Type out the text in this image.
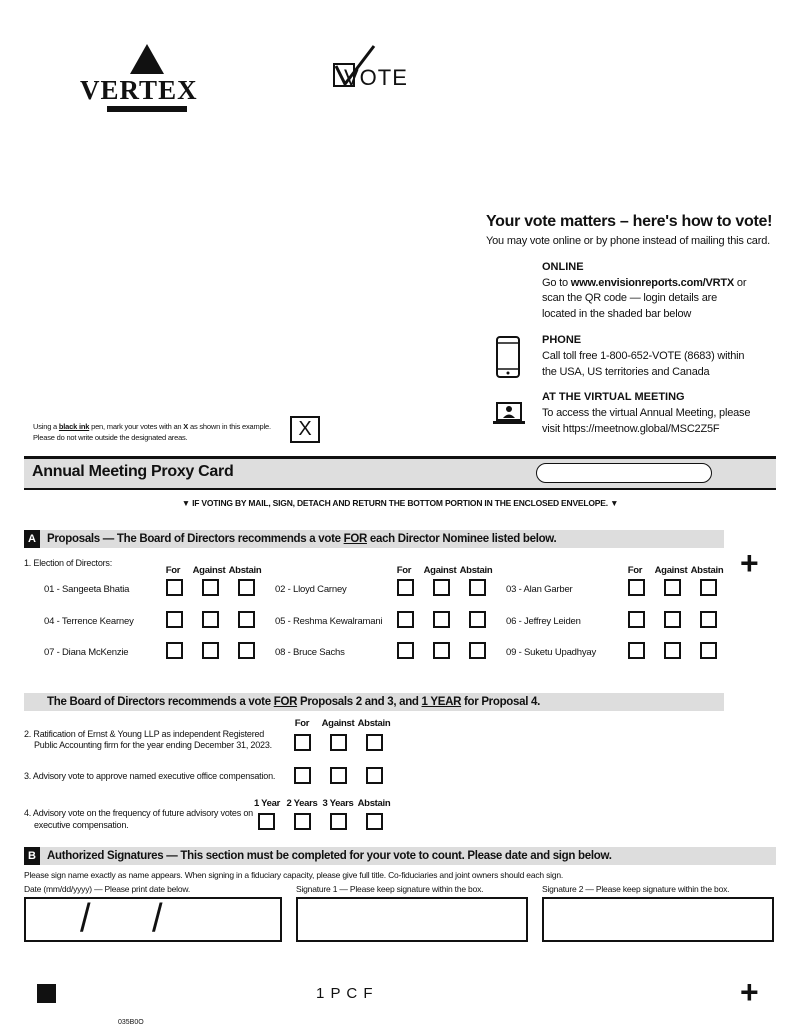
VERTEX	VOTE
Your vote matters – here's how to vote!
You may vote online or by phone instead of mailing this card.
ONLINE
Go to www.envisionreports.com/VRTX or
scan the QR code — login details are
located in the shaded bar below
PHONE
Call toll free 1-800-652-VOTE (8683) within
the USA, US territories and Canada
AT THE VIRTUAL MEETING
To access the virtual Annual Meeting, please
visit https://meetnow.global/MSC2Z5F
Using a black ink pen, mark your votes with an X as shown in this example.
Please do not write outside the designated areas.	X
Annual Meeting Proxy Card
▼ IF VOTING BY MAIL, SIGN, DETACH AND RETURN THE BOTTOM PORTION IN THE ENCLOSED ENVELOPE. ▼
A Proposals — The Board of Directors recommends a vote FOR each Director Nominee listed below.
+
1. Election of Directors:
For	Against Abstain	For	Against Abstain	For	Against Abstain
01 - Sangeeta Bhatia	02 - Lloyd Carney	03 - Alan Garber
04 - Terrence Kearney	05 - Reshma Kewalramani	06 - Jeffrey Leiden
07 - Diana McKenzie	08 - Bruce Sachs	09 - Suketu Upadhyay
The Board of Directors recommends a vote FOR Proposals 2 and 3, and 1 YEAR for Proposal 4.
For	Against Abstain
2. Ratification of Ernst & Young LLP as independent Registered
Public Accounting firm for the year ending December 31, 2023.
3. Advisory vote to approve named executive office compensation.
1 Year 2 Years 3 Years Abstain
4. Advisory vote on the frequency of future advisory votes on
executive compensation.
B Authorized Signatures — This section must be completed for your vote to count. Please date and sign below.
Please sign name exactly as name appears. When signing in a fiduciary capacity, please give full title. Co-fiduciaries and joint owners should each sign.
Date (mm/dd/yyyy) — Please print date below.	Signature 1 — Please keep signature within the box.	Signature 2 — Please keep signature within the box.
/ /
1 P C F	+
035B0O
